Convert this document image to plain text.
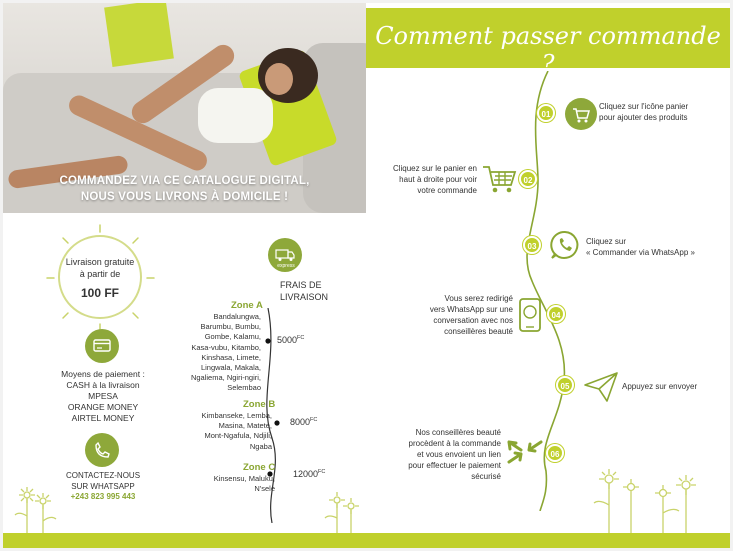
COMMANDEZ VIA CE CATALOGUE DIGITAL,
NOUS VOUS LIVRONS À DOMICILE !
Comment passer commande ?
Livraison gratuite
à partir de
100 FF
Moyens de paiement :
CASH à la livraison
MPESA
ORANGE MONEY
AIRTEL MONEY
CONTACTEZ-NOUS
SUR WHATSAPP
+243 823 995 443
express
FRAIS DE
LIVRAISON
Zone A
Bandalungwa,
Barumbu, Bumbu,
Gombe, Kalamu,
Kasa-vubu, Kitambo,
Kinshasa, Limete,
Lingwala, Makala,
Ngaliema, Ngiri-ngiri,
Selembao
$5000^{FC}$
Zone B
Kimbanseke, Lemba,
Masina, Matete,
Mont-Ngafula, Ndjili,
Ngaba
$8000^{FC}$
Zone C
Kinsensu, Maluku,
N'sele
$12000^{FC}$
01
02
03
04
05
06
Cliquez sur l'icône panier
pour ajouter des produits
Cliquez sur le panier en
haut à droite pour voir
votre commande
Cliquez sur
« Commander via WhatsApp »
Vous serez redirigé
vers WhatsApp sur une
conversation avec nos
conseillères beauté
Appuyez sur envoyer
Nos conseillères beauté
procèdent à la commande
et vous envoient un lien
pour effectuer le paiement
sécurisé
